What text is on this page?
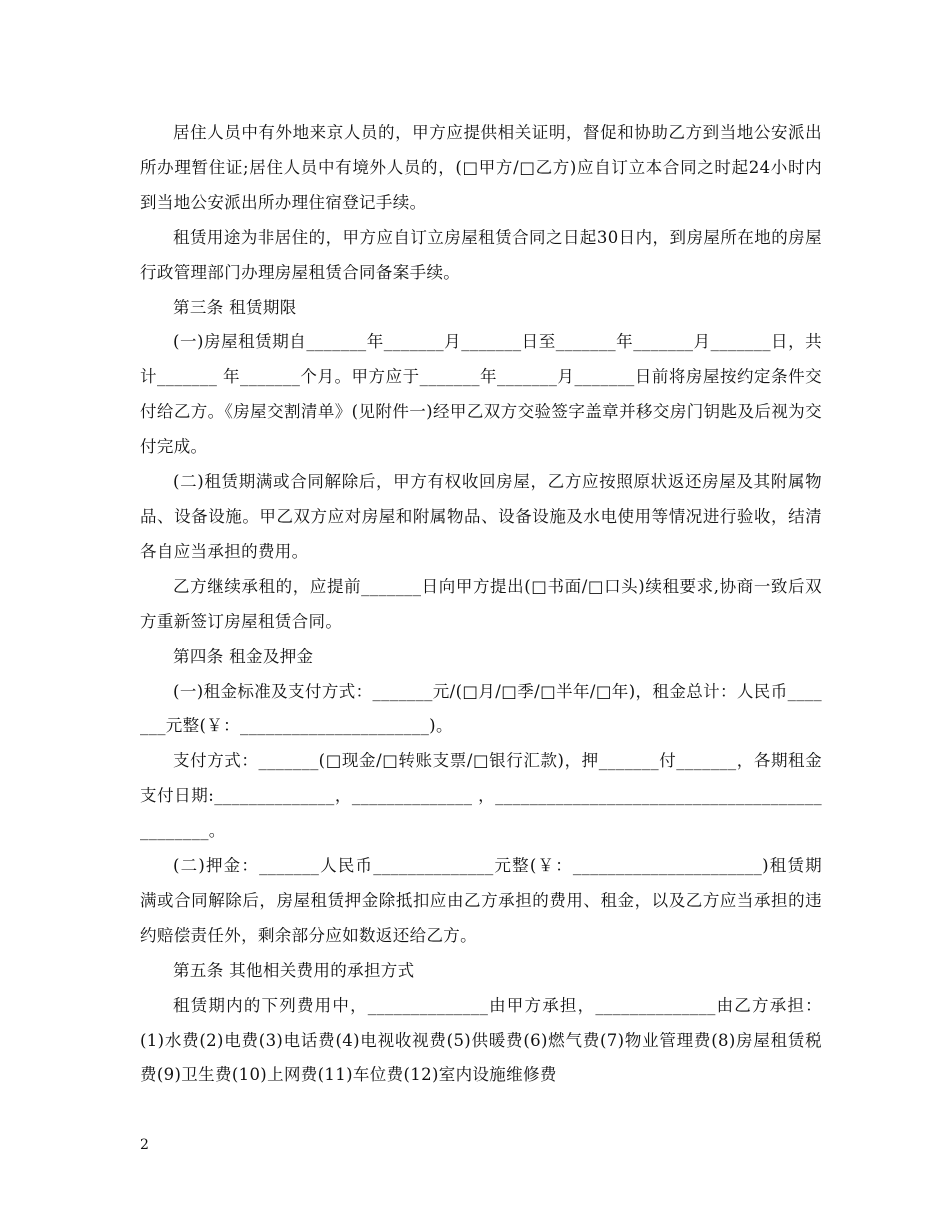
居住人员中有外地来京人员的，甲方应提供相关证明，督促和协助乙方到当地公安派出所办理暂住证;居住人员中有境外人员的，(□甲方/□乙方)应自订立本合同之时起24小时内到当地公安派出所办理住宿登记手续。

租赁用途为非居住的，甲方应自订立房屋租赁合同之日起30日内，到房屋所在地的房屋行政管理部门办理房屋租赁合同备案手续。

第三条 租赁期限

(一)房屋租赁期自_______年_______月_______日至_______年_______月_______日，共计_______ 年_______个月。甲方应于_______年_______月_______日前将房屋按约定条件交付给乙方。《房屋交割清单》(见附件一)经甲乙双方交验签字盖章并移交房门钥匙及后视为交付完成。

(二)租赁期满或合同解除后，甲方有权收回房屋，乙方应按照原状返还房屋及其附属物品、设备设施。甲乙双方应对房屋和附属物品、设备设施及水电使用等情况进行验收，结清各自应当承担的费用。

乙方继续承租的，应提前_______日向甲方提出(□书面/□口头)续租要求,协商一致后双方重新签订房屋租赁合同。

第四条 租金及押金

(一)租金标准及支付方式：_______元/(□月/□季/□半年/□年)，租金总计：人民币_______元整(￥：______________________)。

支付方式：_______(□现金/□转账支票/□银行汇款)，押_______付_______，各期租金支付日期:______________，______________ ，______________________________________________。

(二)押金：_______人民币______________元整(￥：______________________)租赁期满或合同解除后，房屋租赁押金除抵扣应由乙方承担的费用、租金，以及乙方应当承担的违约赔偿责任外，剩余部分应如数返还给乙方。

第五条 其他相关费用的承担方式

租赁期内的下列费用中，______________由甲方承担，______________由乙方承担：(1)水费(2)电费(3)电话费(4)电视收视费(5)供暖费(6)燃气费(7)物业管理费(8)房屋租赁税费(9)卫生费(10)上网费(11)车位费(12)室内设施维修费

2
